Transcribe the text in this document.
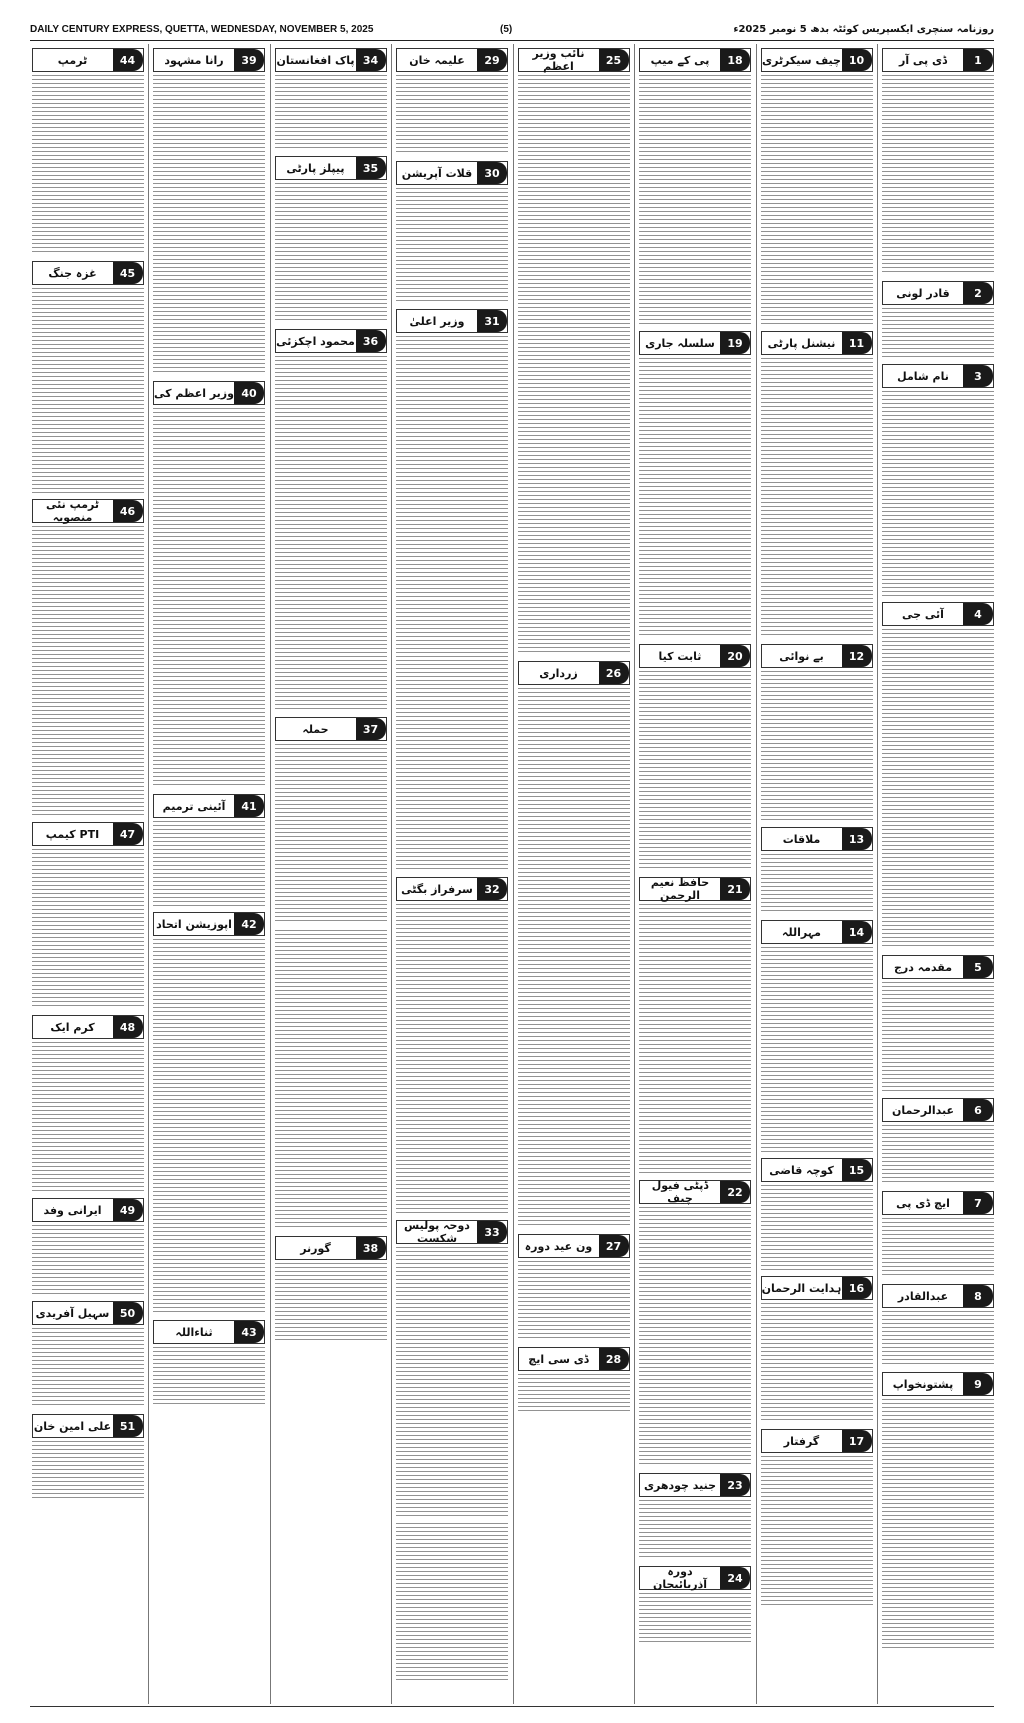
DAILY CENTURY EXPRESS, QUETTA, WEDNESDAY, NOVEMBER 5, 2025	(5)	روزنامہ سنچری ایکسپریس کوئٹہ بدھ 5 نومبر 2025ء
1
ڈی پی آر
2
قادر لونی
3
نام شامل
4
آئی جی
5
مقدمہ درج
6
عبدالرحمان
7
ایچ ڈی پی
8
عبدالقادر
9
پشتونخواپ
10
چیف سیکرٹری
11
نیشنل پارٹی
12
بے نوائی
13
ملاقات
14
مہراللہ
15
کوچہ قاضی
16
ہدایت الرحمان
17
گرفتار
18
پی کے میپ
19
سلسلہ جاری
20
ثابت کیا
21
حافظ نعیم الرحمن
22
ڈپٹی فیول چیف
23
جنید چودھری
24
دورہ آذربائیجان
25
نائب وزیر اعظم
26
زرداری
27
ون عید دورہ
28
ڈی سی ایچ
29
علیمہ خان
30
قلات آپریشن
31
وزیر اعلیٰ
32
سرفراز بگٹی
33
دوحہ پولیس شکست
34
پاک افغانستان
35
پیپلز پارٹی
36
محمود اچکزئی
37
حملہ
38
گورنر
39
رانا مشہود
40
وزیر اعظم کی
41
آئینی ترمیم
42
اپوزیشن اتحاد
43
ثناءاللہ
44
ٹرمپ
45
غزہ جنگ
46
ٹرمپ نئی منصوبہ
47
PTI کیمپ
48
کرم ایک
49
ایرانی وفد
50
سہیل آفریدی
51
علی امین خان
